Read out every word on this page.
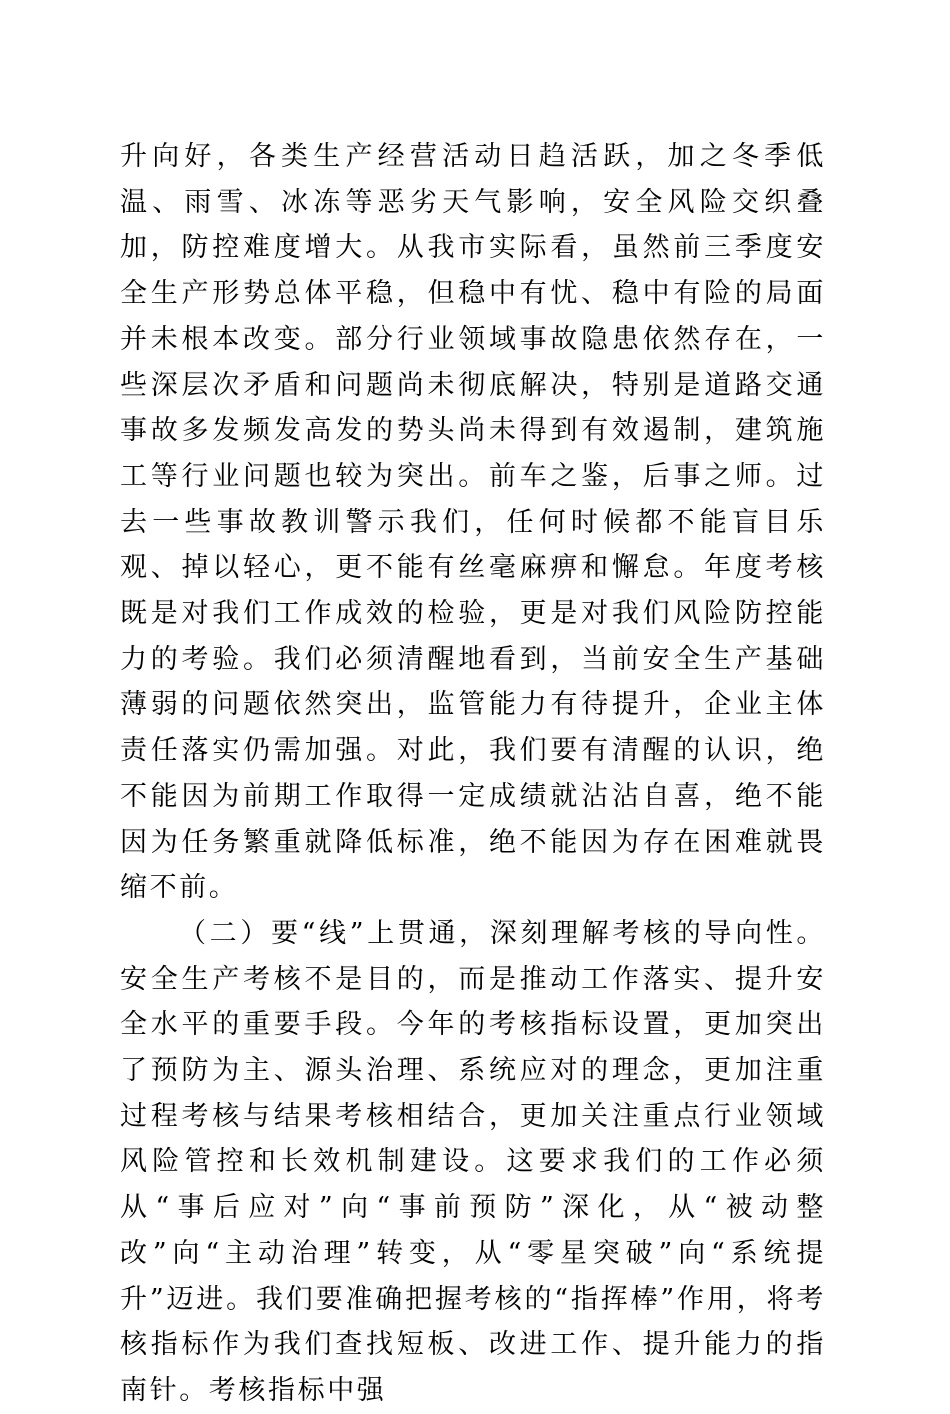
升向好，各类生产经营活动日趋活跃，加之冬季低温、雨雪、冰冻等恶劣天气影响，安全风险交织叠加，防控难度增大。从我市实际看，虽然前三季度安全生产形势总体平稳，但稳中有忧、稳中有险的局面并未根本改变。部分行业领域事故隐患依然存在，一些深层次矛盾和问题尚未彻底解决，特别是道路交通事故多发频发高发的势头尚未得到有效遏制，建筑施工等行业问题也较为突出。前车之鉴，后事之师。过去一些事故教训警示我们，任何时候都不能盲目乐观、掉以轻心，更不能有丝毫麻痹和懈怠。年度考核既是对我们工作成效的检验，更是对我们风险防控能力的考验。我们必须清醒地看到，当前安全生产基础薄弱的问题依然突出，监管能力有待提升，企业主体责任落实仍需加强。对此，我们要有清醒的认识，绝不能因为前期工作取得一定成绩就沾沾自喜，绝不能因为任务繁重就降低标准，绝不能因为存在困难就畏缩不前。

（二）要“线”上贯通，深刻理解考核的导向性。安全生产考核不是目的，而是推动工作落实、提升安全水平的重要手段。今年的考核指标设置，更加突出了预防为主、源头治理、系统应对的理念，更加注重过程考核与结果考核相结合，更加关注重点行业领域风险管控和长效机制建设。这要求我们的工作必须从“事后应对”向“事前预防”深化，从“被动整改”向“主动治理”转变，从“零星突破”向“系统提升”迈进。我们要准确把握考核的“指挥棒”作用，将考核指标作为我们查找短板、改进工作、提升能力的指南针。考核指标中强
